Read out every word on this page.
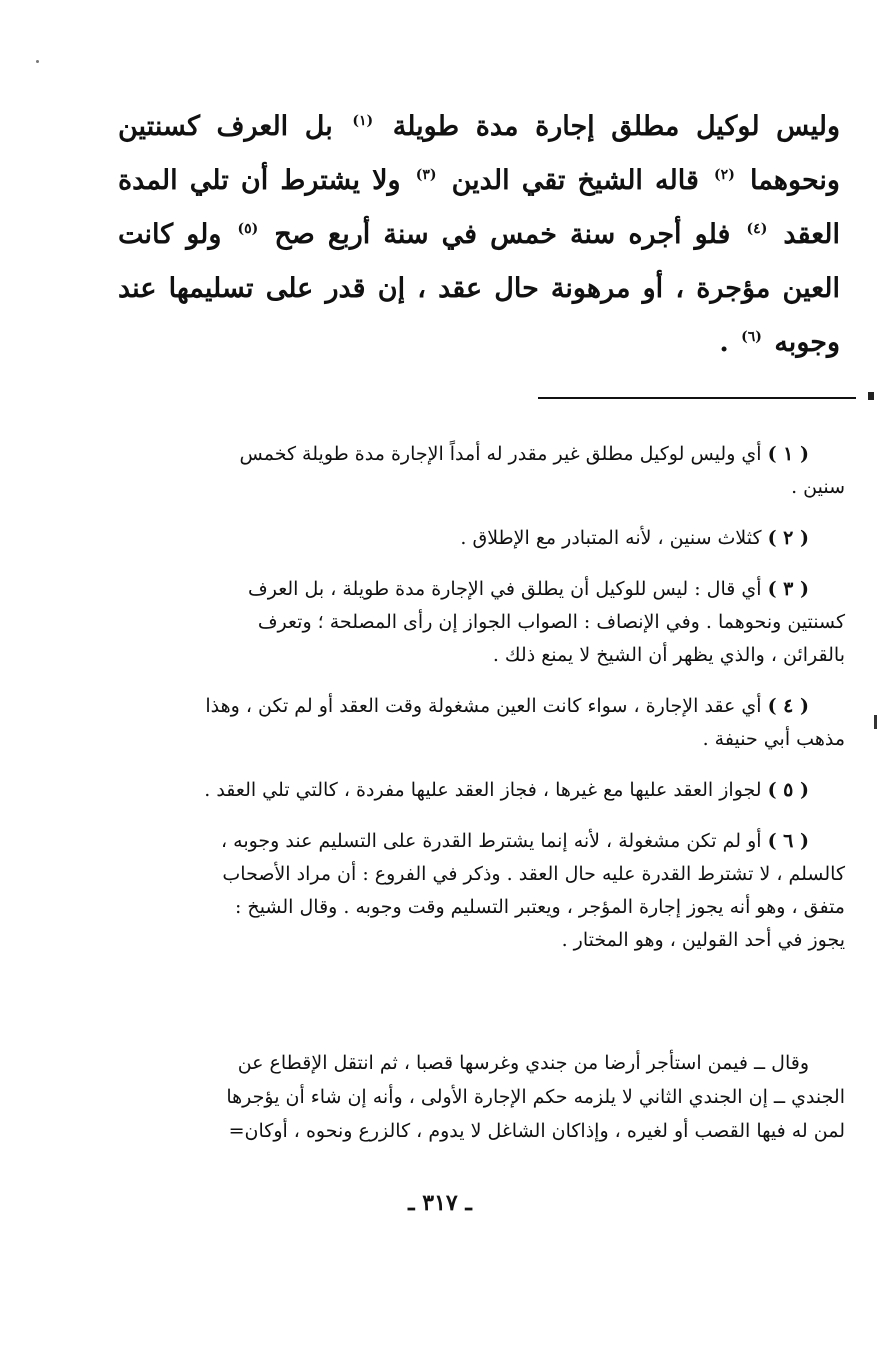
وليس لوكيل مطلق إجارة مدة طويلة $^{(١)}$ بل العرف كسنتين
ونحوهما $^{(٢)}$ قاله الشيخ تقي الدين $^{(٣)}$ ولا يشترط أن تلي المدة
العقد $^{(٤)}$ فلو أجره سنة خمس في سنة أربع صح $^{(٥)}$ ولو كانت
العين مؤجرة ، أو مرهونة حال عقد ، إن قدر على تسليمها عند
وجوبه $^{(٦)}$ .
( ١ )أي وليس لوكيل مطلق غير مقدر له أمداً الإجارة مدة طويلة كخمس
سنين .
( ٢ )كثلاث سنين ، لأنه المتبادر مع الإطلاق .
( ٣ )أي قال : ليس للوكيل أن يطلق في الإجارة مدة طويلة ، بل العرف
كسنتين ونحوهما . وفي الإنصاف : الصواب الجواز إن رأى المصلحة ؛ وتعرف
بالقرائن ، والذي يظهر أن الشيخ لا يمنع ذلك .
( ٤ )أي عقد الإجارة ، سواء كانت العين مشغولة وقت العقد أو لم تكن ، وهذا
مذهب أبي حنيفة .
( ٥ )لجواز العقد عليها مع غيرها ، فجاز العقد عليها مفردة ، كالتي تلي العقد .
( ٦ )أو لم تكن مشغولة ، لأنه إنما يشترط القدرة على التسليم عند وجوبه ،
كالسلم ، لا تشترط القدرة عليه حال العقد . وذكر في الفروع : أن مراد الأصحاب
متفق ، وهو أنه يجوز إجارة المؤجر ، ويعتبر التسليم وقت وجوبه . وقال الشيخ :
يجوز في أحد القولين ، وهو المختار .
وقال ــ فيمن استأجر أرضا من جندي وغرسها قصبا ، ثم انتقل الإقطاع عن
الجندي ــ إن الجندي الثاني لا يلزمه حكم الإجارة الأولى ، وأنه إن شاء أن يؤجرها
لمن له فيها القصب أو لغيره ، وإذاكان الشاغل لا يدوم ، كالزرع ونحوه ، أوكان=
ـ ٣١٧ ـ
